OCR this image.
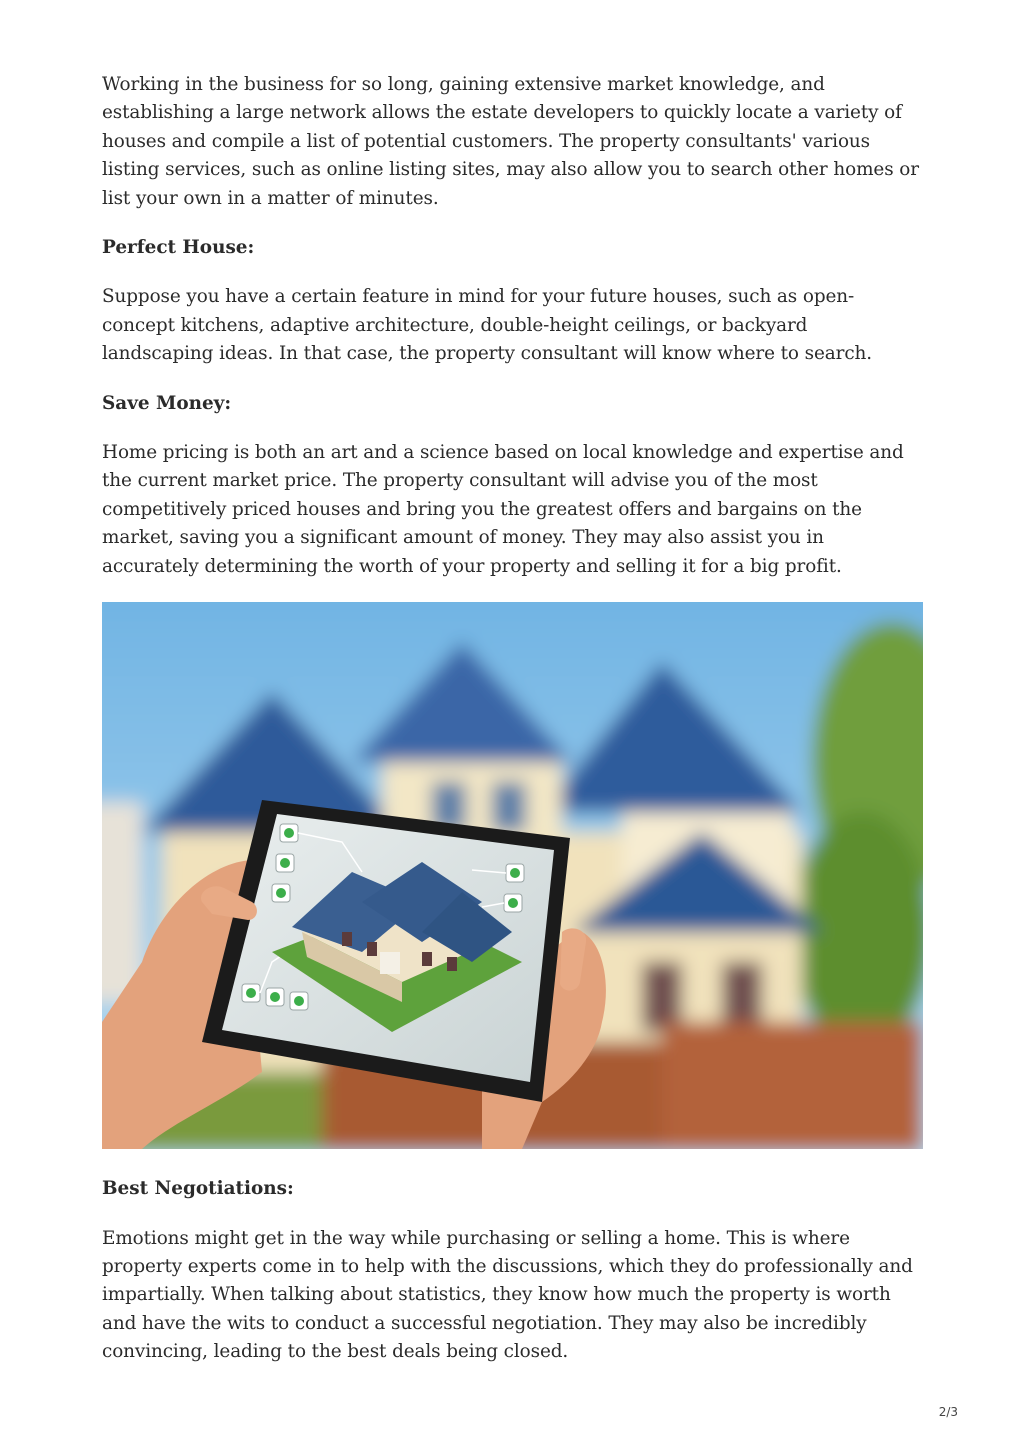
Working in the business for so long, gaining extensive market knowledge, and establishing a large network allows the estate developers to quickly locate a variety of houses and compile a list of potential customers. The property consultants' various listing services, such as online listing sites, may also allow you to search other homes or list your own in a matter of minutes.

Perfect House:

Suppose you have a certain feature in mind for your future houses, such as open-concept kitchens, adaptive architecture, double-height ceilings, or backyard landscaping ideas. In that case, the property consultant will know where to search.

Save Money:

Home pricing is both an art and a science based on local knowledge and expertise and the current market price. The property consultant will advise you of the most competitively priced houses and bring you the greatest offers and bargains on the market, saving you a significant amount of money. They may also assist you in accurately determining the worth of your property and selling it for a big profit.

Best Negotiations:

Emotions might get in the way while purchasing or selling a home. This is where property experts come in to help with the discussions, which they do professionally and impartially. When talking about statistics, they know how much the property is worth and have the wits to conduct a successful negotiation. They may also be incredibly convincing, leading to the best deals being closed.

2/3
